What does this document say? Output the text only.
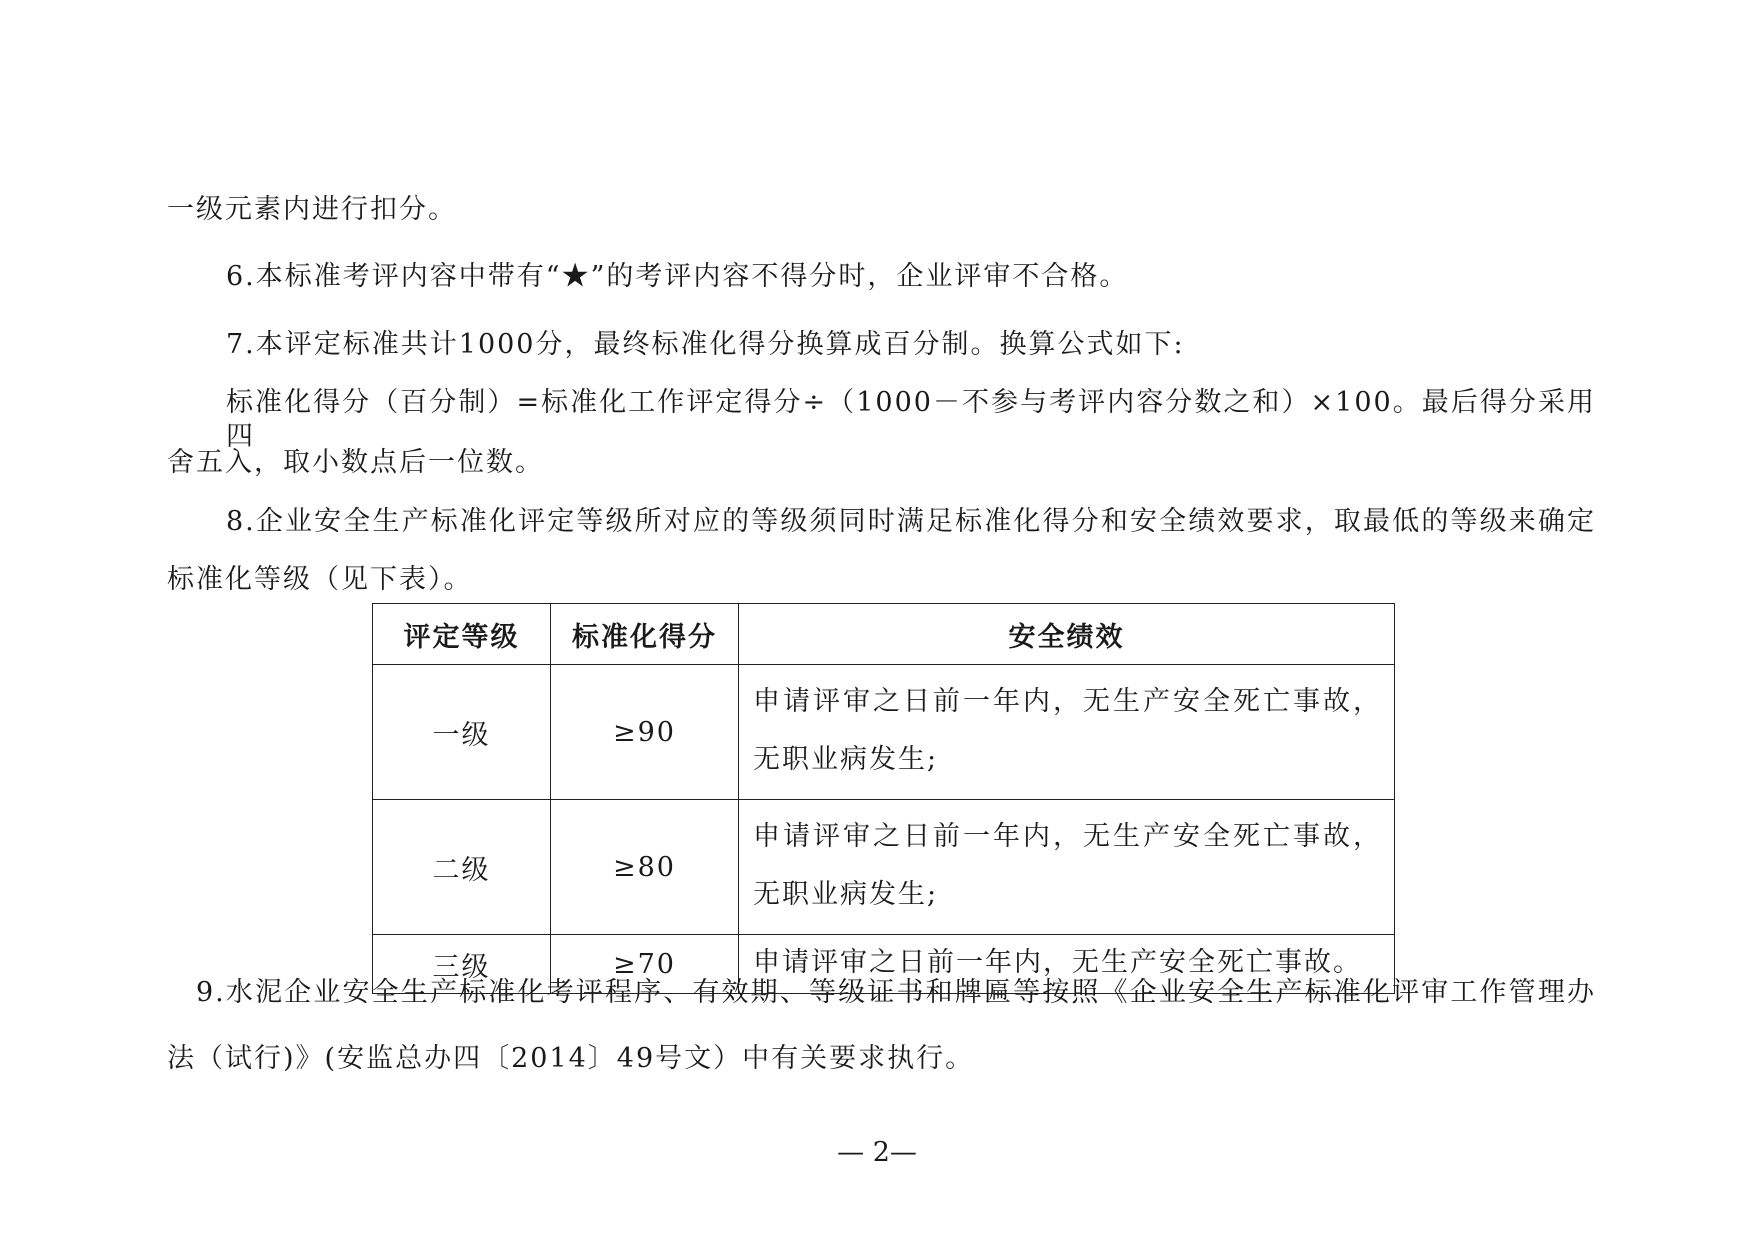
一级元素内进行扣分。
6.本标准考评内容中带有“★”的考评内容不得分时，企业评审不合格。
7.本评定标准共计1000分，最终标准化得分换算成百分制。换算公式如下:
标准化得分（百分制）=标准化工作评定得分÷（1000－不参与考评内容分数之和）×100。最后得分采用四
舍五入，取小数点后一位数。
8.企业安全生产标准化评定等级所对应的等级须同时满足标准化得分和安全绩效要求，取最低的等级来确定
标准化等级（见下表）。
评定等级	标准化得分	安全绩效
一级	≥90	申请评审之日前一年内，无生产安全死亡事故，无职业病发生;
二级	≥80	申请评审之日前一年内，无生产安全死亡事故，无职业病发生;
三级	≥70	申请评审之日前一年内，无生产安全死亡事故。
9.水泥企业安全生产标准化考评程序、有效期、等级证书和牌匾等按照《企业安全生产标准化评审工作管理办
法（试行)》(安监总办四〔2014〕49号文）中有关要求执行。
— 2—
